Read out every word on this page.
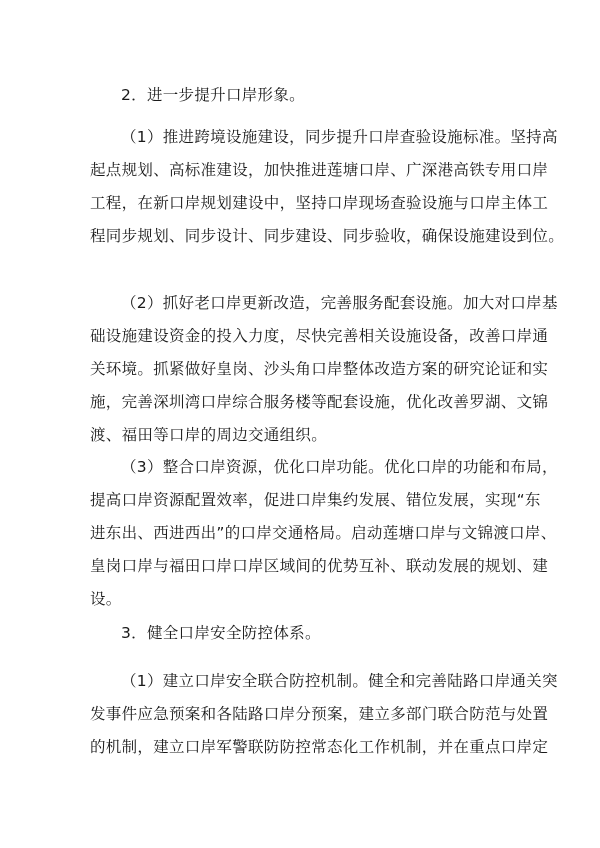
2．进一步提升口岸形象。

（1）推进跨境设施建设，同步提升口岸查验设施标准。坚持高
起点规划、高标准建设，加快推进莲塘口岸、广深港高铁专用口岸
工程，在新口岸规划建设中，坚持口岸现场查验设施与口岸主体工
程同步规划、同步设计、同步建设、同步验收，确保设施建设到位。

（2）抓好老口岸更新改造，完善服务配套设施。加大对口岸基
础设施建设资金的投入力度，尽快完善相关设施设备，改善口岸通
关环境。抓紧做好皇岗、沙头角口岸整体改造方案的研究论证和实
施，完善深圳湾口岸综合服务楼等配套设施，优化改善罗湖、文锦
渡、福田等口岸的周边交通组织。

（3）整合口岸资源，优化口岸功能。优化口岸的功能和布局，
提高口岸资源配置效率，促进口岸集约发展、错位发展，实现“东
进东出、西进西出”的口岸交通格局。启动莲塘口岸与文锦渡口岸、
皇岗口岸与福田口岸口岸区域间的优势互补、联动发展的规划、建
设。

3．健全口岸安全防控体系。

（1）建立口岸安全联合防控机制。健全和完善陆路口岸通关突
发事件应急预案和各陆路口岸分预案，建立多部门联合防范与处置
的机制，建立口岸军警联防防控常态化工作机制，并在重点口岸定
